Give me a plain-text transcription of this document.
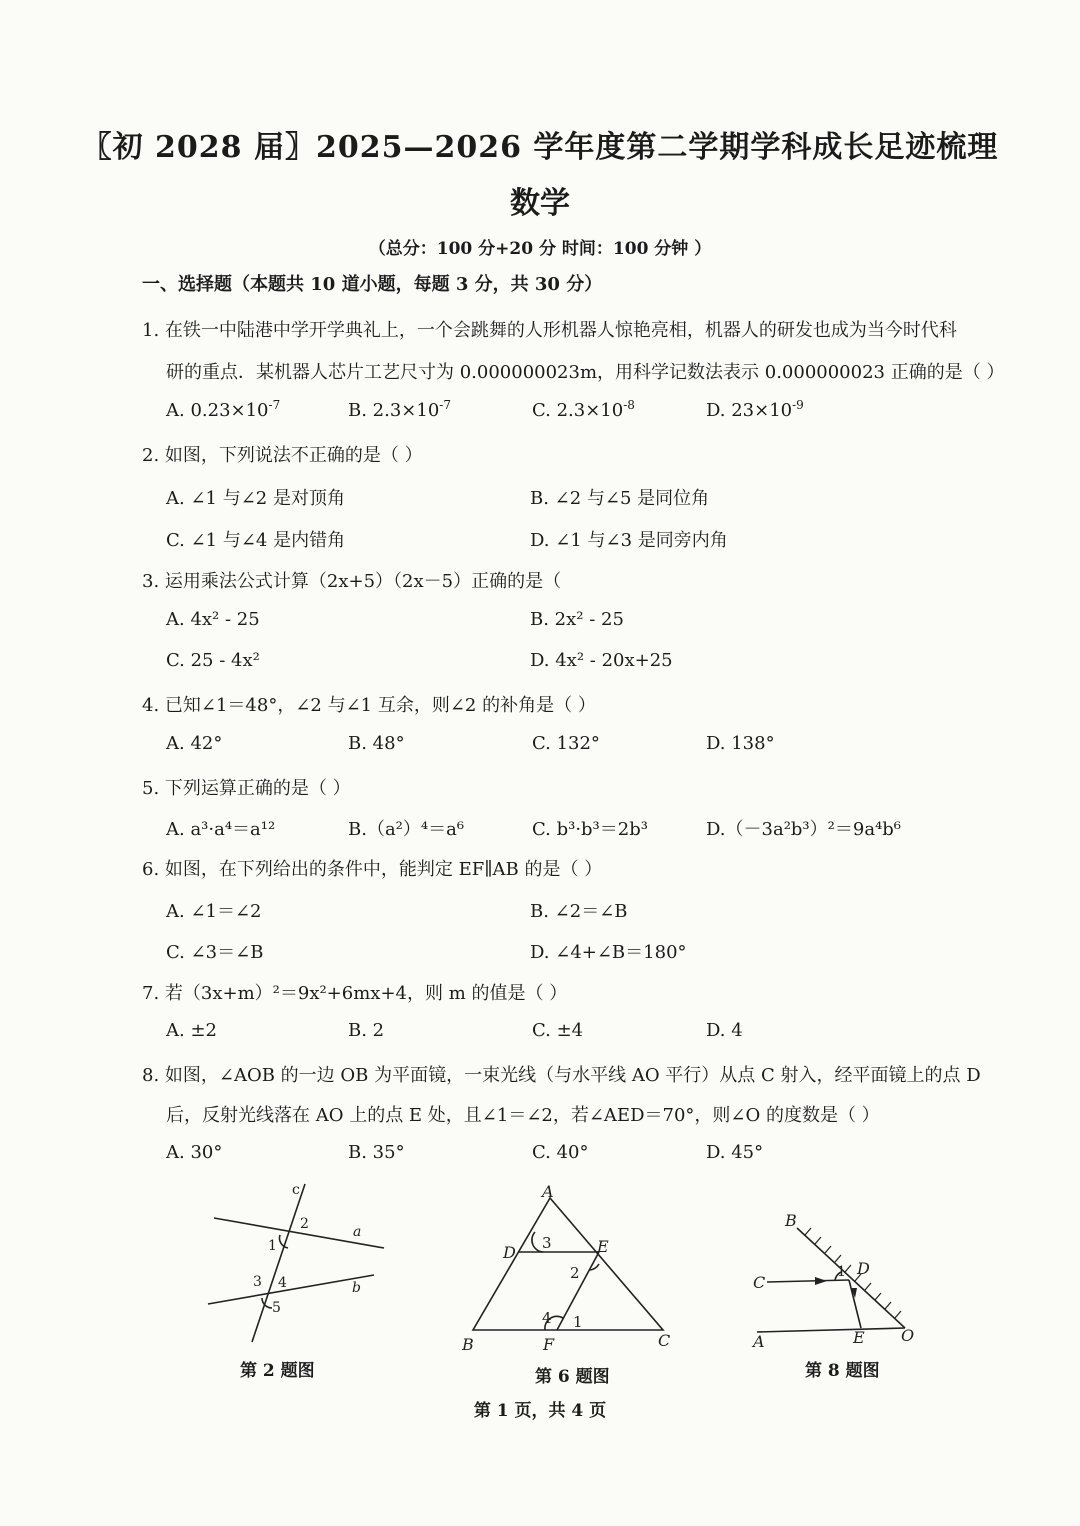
〖初 2028 届〗2025—2026 学年度第二学期学科成长足迹梳理
数学
（总分：100 分+20 分 时间：100 分钟 ）
一、选择题（本题共 10 道小题，每题 3 分，共 30 分）
1. 在铁一中陆港中学开学典礼上，一个会跳舞的人形机器人惊艳亮相，机器人的研发也成为当今时代科
研的重点．某机器人芯片工艺尺寸为 0.000000023m，用科学记数法表示 0.000000023 正确的是（ ）
A. $0.23\times 10^{-7}$	B. $2.3\times 10^{-7}$	C. $2.3\times 10^{-8}$	D. $23\times 10^{-9}$
2. 如图，下列说法不正确的是（ ）
A. ∠1 与∠2 是对顶角	B. ∠2 与∠5 是同位角
C. ∠1 与∠4 是内错角	D. ∠1 与∠3 是同旁内角
3. 运用乘法公式计算（2x+5）（2x－5）正确的是（
A. 4x² - 25	B. 2x² - 25
C. 25 - 4x²	D. 4x² - 20x+25
4. 已知∠1＝48°，∠2 与∠1 互余，则∠2 的补角是（ ）
A. 42°	B. 48°	C. 132°	D. 138°
5. 下列运算正确的是（ ）
A. a³·a⁴＝a¹²	B.（a²）⁴＝a⁶	C. b³·b³＝2b³	D.（－3a²b³）²＝9a⁴b⁶
6. 如图，在下列给出的条件中，能判定 EF∥AB 的是（ ）
A. ∠1＝∠2	B. ∠2＝∠B
C. ∠3＝∠B	D. ∠4+∠B＝180°
7. 若（3x+m）²＝9x²+6mx+4，则 m 的值是（ ）
A. ±2	B. 2	C. ±4	D. 4
8. 如图，∠AOB 的一边 OB 为平面镜，一束光线（与水平线 AO 平行）从点 C 射入，经平面镜上的点 D
后，反射光线落在 AO 上的点 E 处，且∠1＝∠2，若∠AED＝70°，则∠O 的度数是（ ）
A. 30°	B. 35°	C. 40°	D. 45°
c
a
b
1
2
3 4
5
第 2 题图
A
B	C
D	E
F
3
2
4 1
第 6 题图
B
C
D
A	E O
1
第 8 题图
第 1 页，共 4 页
